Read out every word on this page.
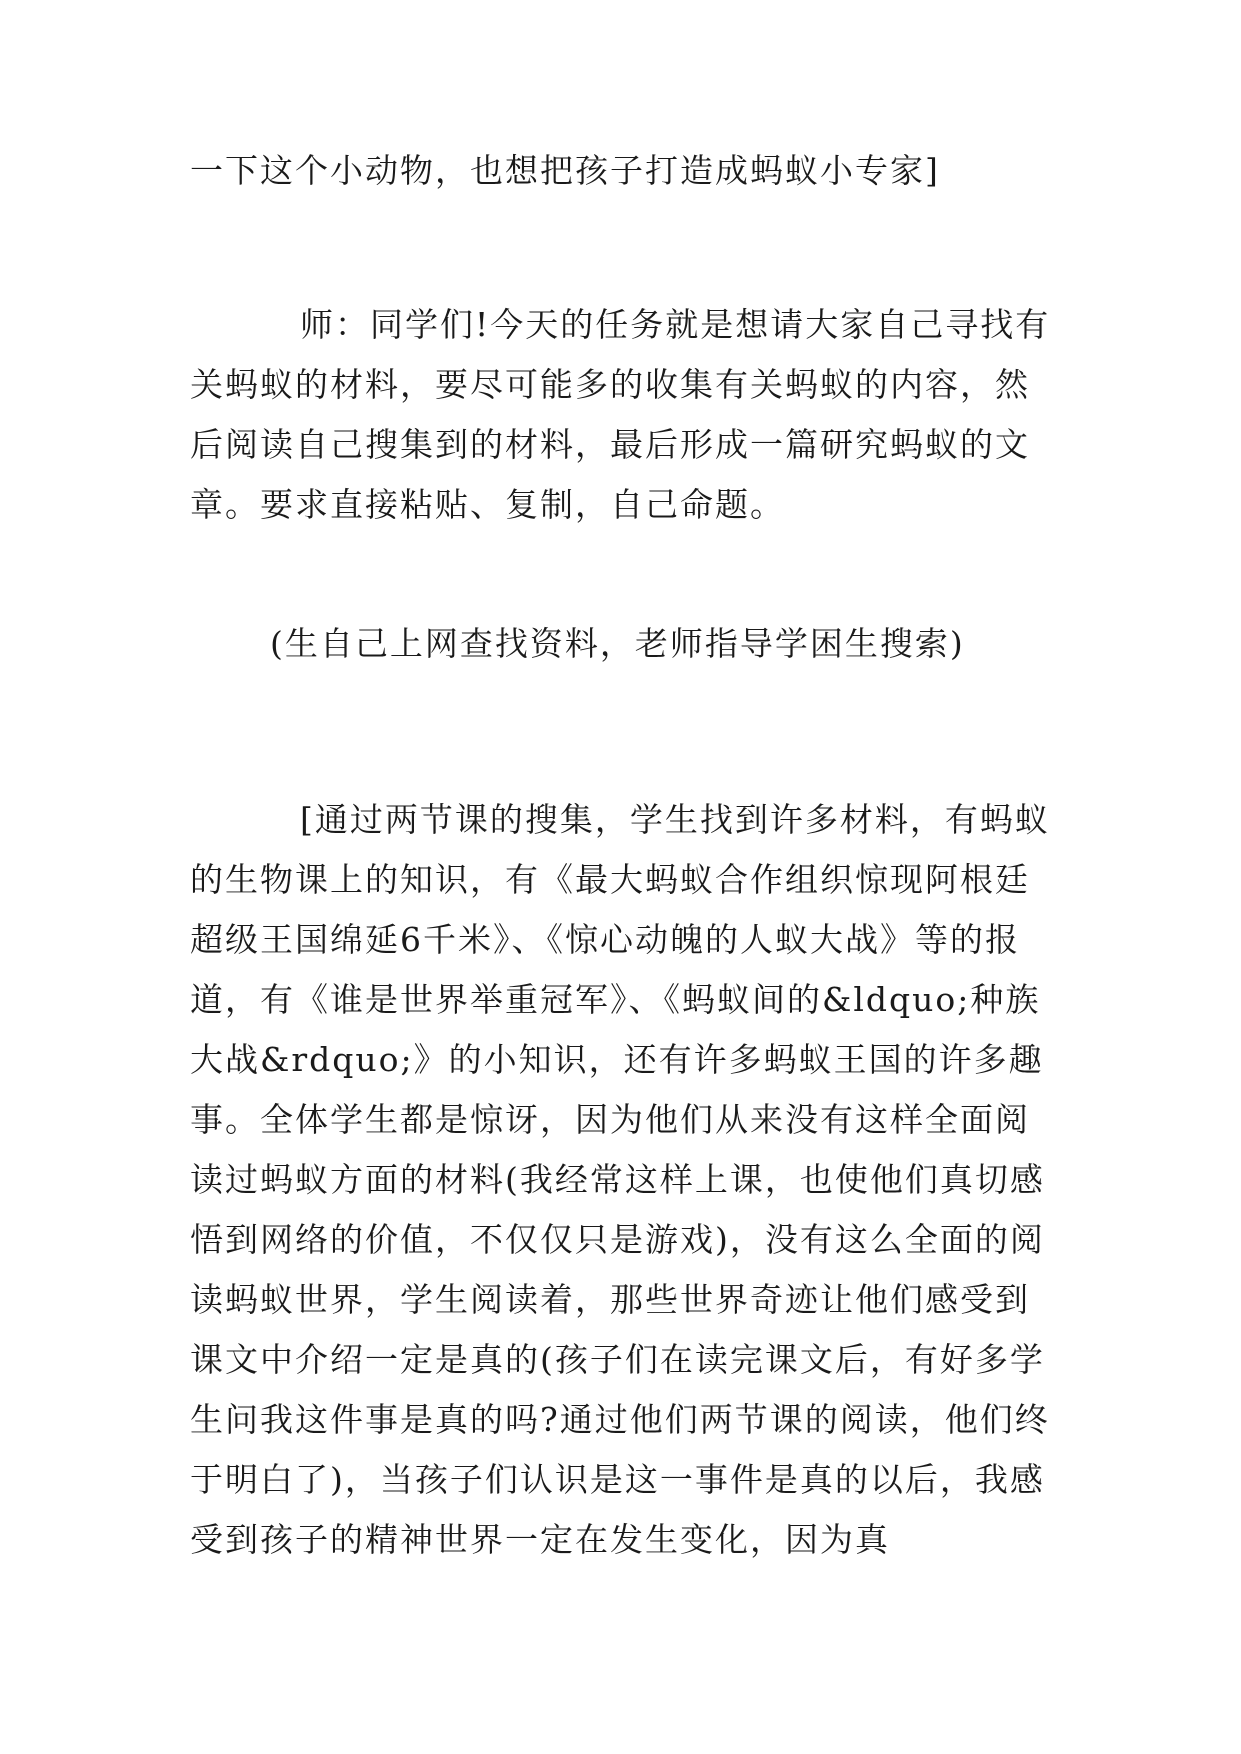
一下这个小动物，也想把孩子打造成蚂蚁小专家]
师：同学们!今天的任务就是想请大家自己寻找有关蚂蚁的材料，要尽可能多的收集有关蚂蚁的内容，然后阅读自己搜集到的材料，最后形成一篇研究蚂蚁的文章。要求直接粘贴、复制，自己命题。
(生自己上网查找资料，老师指导学困生搜索)
[通过两节课的搜集，学生找到许多材料，有蚂蚁的生物课上的知识，有《最大蚂蚁合作组织惊现阿根廷超级王国绵延6千米》、《惊心动魄的人蚁大战》等的报道，有《谁是世界举重冠军》、《蚂蚁间的&ldquo;种族大战&rdquo;》的小知识，还有许多蚂蚁王国的许多趣事。全体学生都是惊讶，因为他们从来没有这样全面阅读过蚂蚁方面的材料(我经常这样上课，也使他们真切感悟到网络的价值，不仅仅只是游戏)，没有这么全面的阅读蚂蚁世界，学生阅读着，那些世界奇迹让他们感受到课文中介绍一定是真的(孩子们在读完课文后，有好多学生问我这件事是真的吗?通过他们两节课的阅读，他们终于明白了)，当孩子们认识是这一事件是真的以后，我感受到孩子的精神世界一定在发生变化，因为真
